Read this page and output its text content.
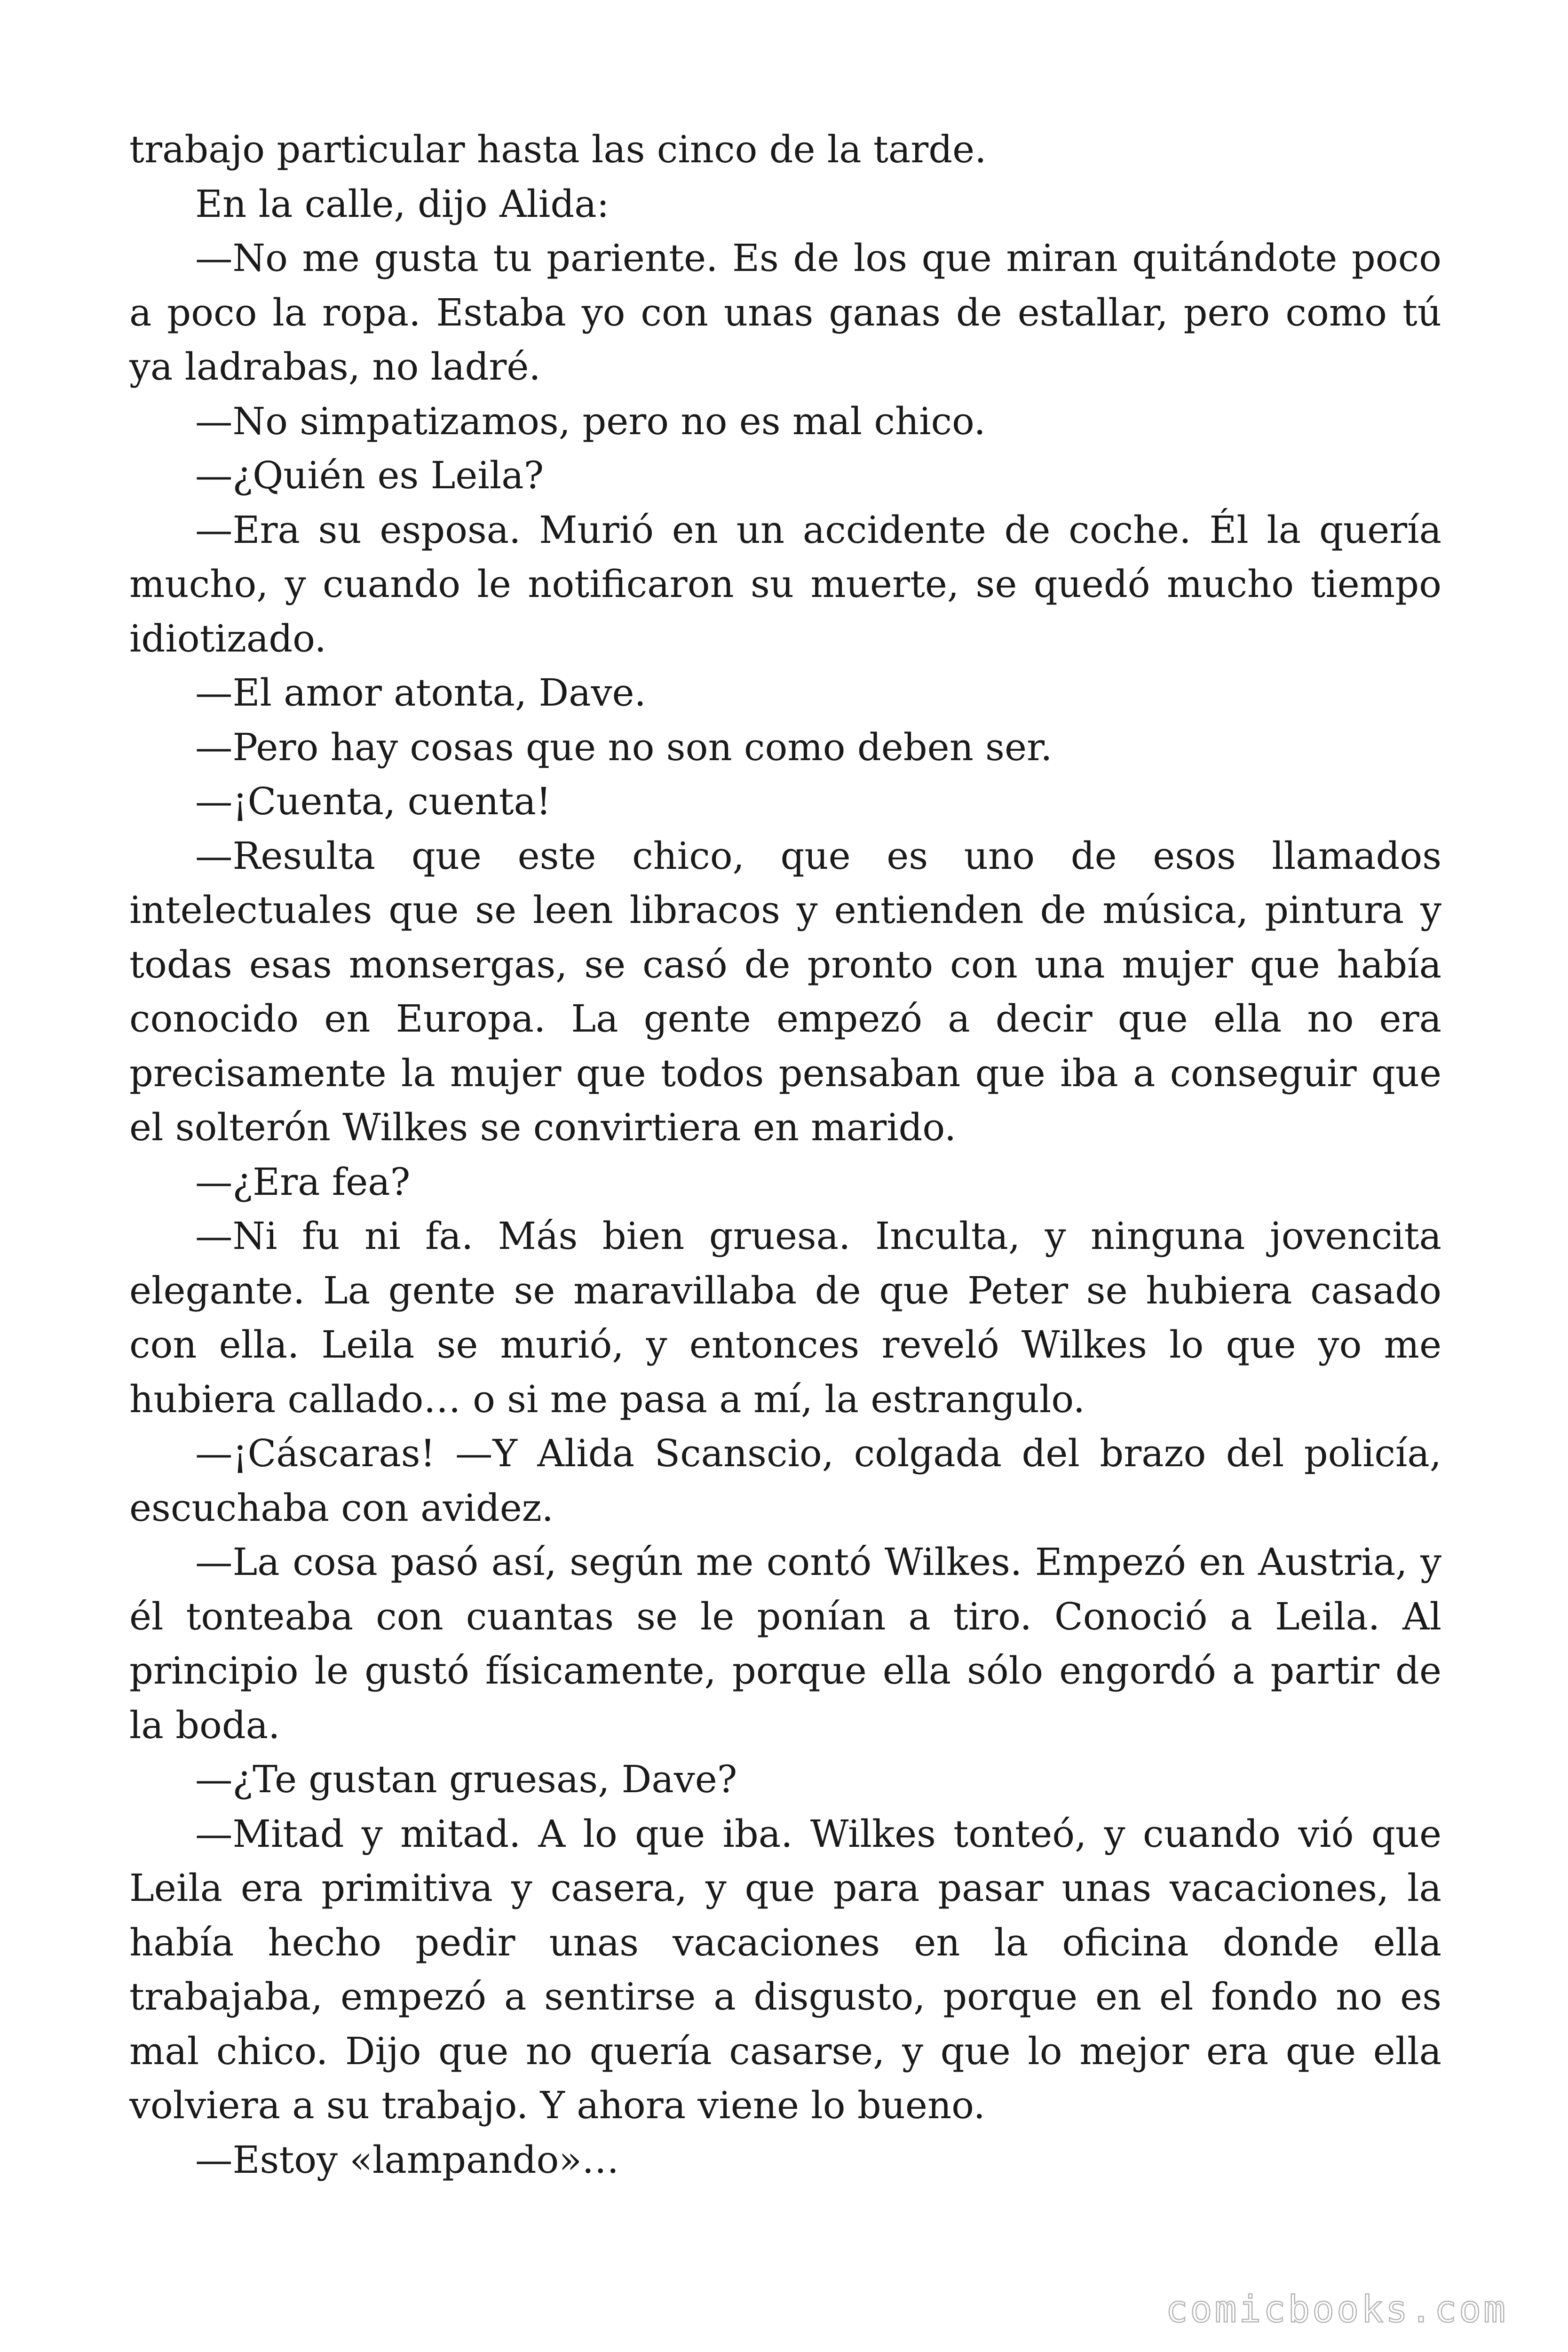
trabajo particular hasta las cinco de la tarde.

En la calle, dijo Alida:

—No me gusta tu pariente. Es de los que miran quitándote poco a poco la ropa. Estaba yo con unas ganas de estallar, pero como tú ya ladrabas, no ladré.

—No simpatizamos, pero no es mal chico.

—¿Quién es Leila?

—Era su esposa. Murió en un accidente de coche. Él la quería mucho, y cuando le notificaron su muerte, se quedó mucho tiempo idiotizado.

—El amor atonta, Dave.

—Pero hay cosas que no son como deben ser.

—¡Cuenta, cuenta!

—Resulta que este chico, que es uno de esos llamados intelectuales que se leen libracos y entienden de música, pintura y todas esas monsergas, se casó de pronto con una mujer que había conocido en Europa. La gente empezó a decir que ella no era precisamente la mujer que todos pensaban que iba a conseguir que el solterón Wilkes se convirtiera en marido.

—¿Era fea?

—Ni fu ni fa. Más bien gruesa. Inculta, y ninguna jovencita elegante. La gente se maravillaba de que Peter se hubiera casado con ella. Leila se murió, y entonces reveló Wilkes lo que yo me hubiera callado… o si me pasa a mí, la estrangulo.

—¡Cáscaras! —Y Alida Scanscio, colgada del brazo del policía, escuchaba con avidez.

—La cosa pasó así, según me contó Wilkes. Empezó en Austria, y él tonteaba con cuantas se le ponían a tiro. Conoció a Leila. Al principio le gustó físicamente, porque ella sólo engordó a partir de la boda.

—¿Te gustan gruesas, Dave?

—Mitad y mitad. A lo que iba. Wilkes tonteó, y cuando vió que Leila era primitiva y casera, y que para pasar unas vacaciones, la había hecho pedir unas vacaciones en la oficina donde ella trabajaba, empezó a sentirse a disgusto, porque en el fondo no es mal chico. Dijo que no quería casarse, y que lo mejor era que ella volviera a su trabajo. Y ahora viene lo bueno.

—Estoy «lampando»…

comicbooks.com
